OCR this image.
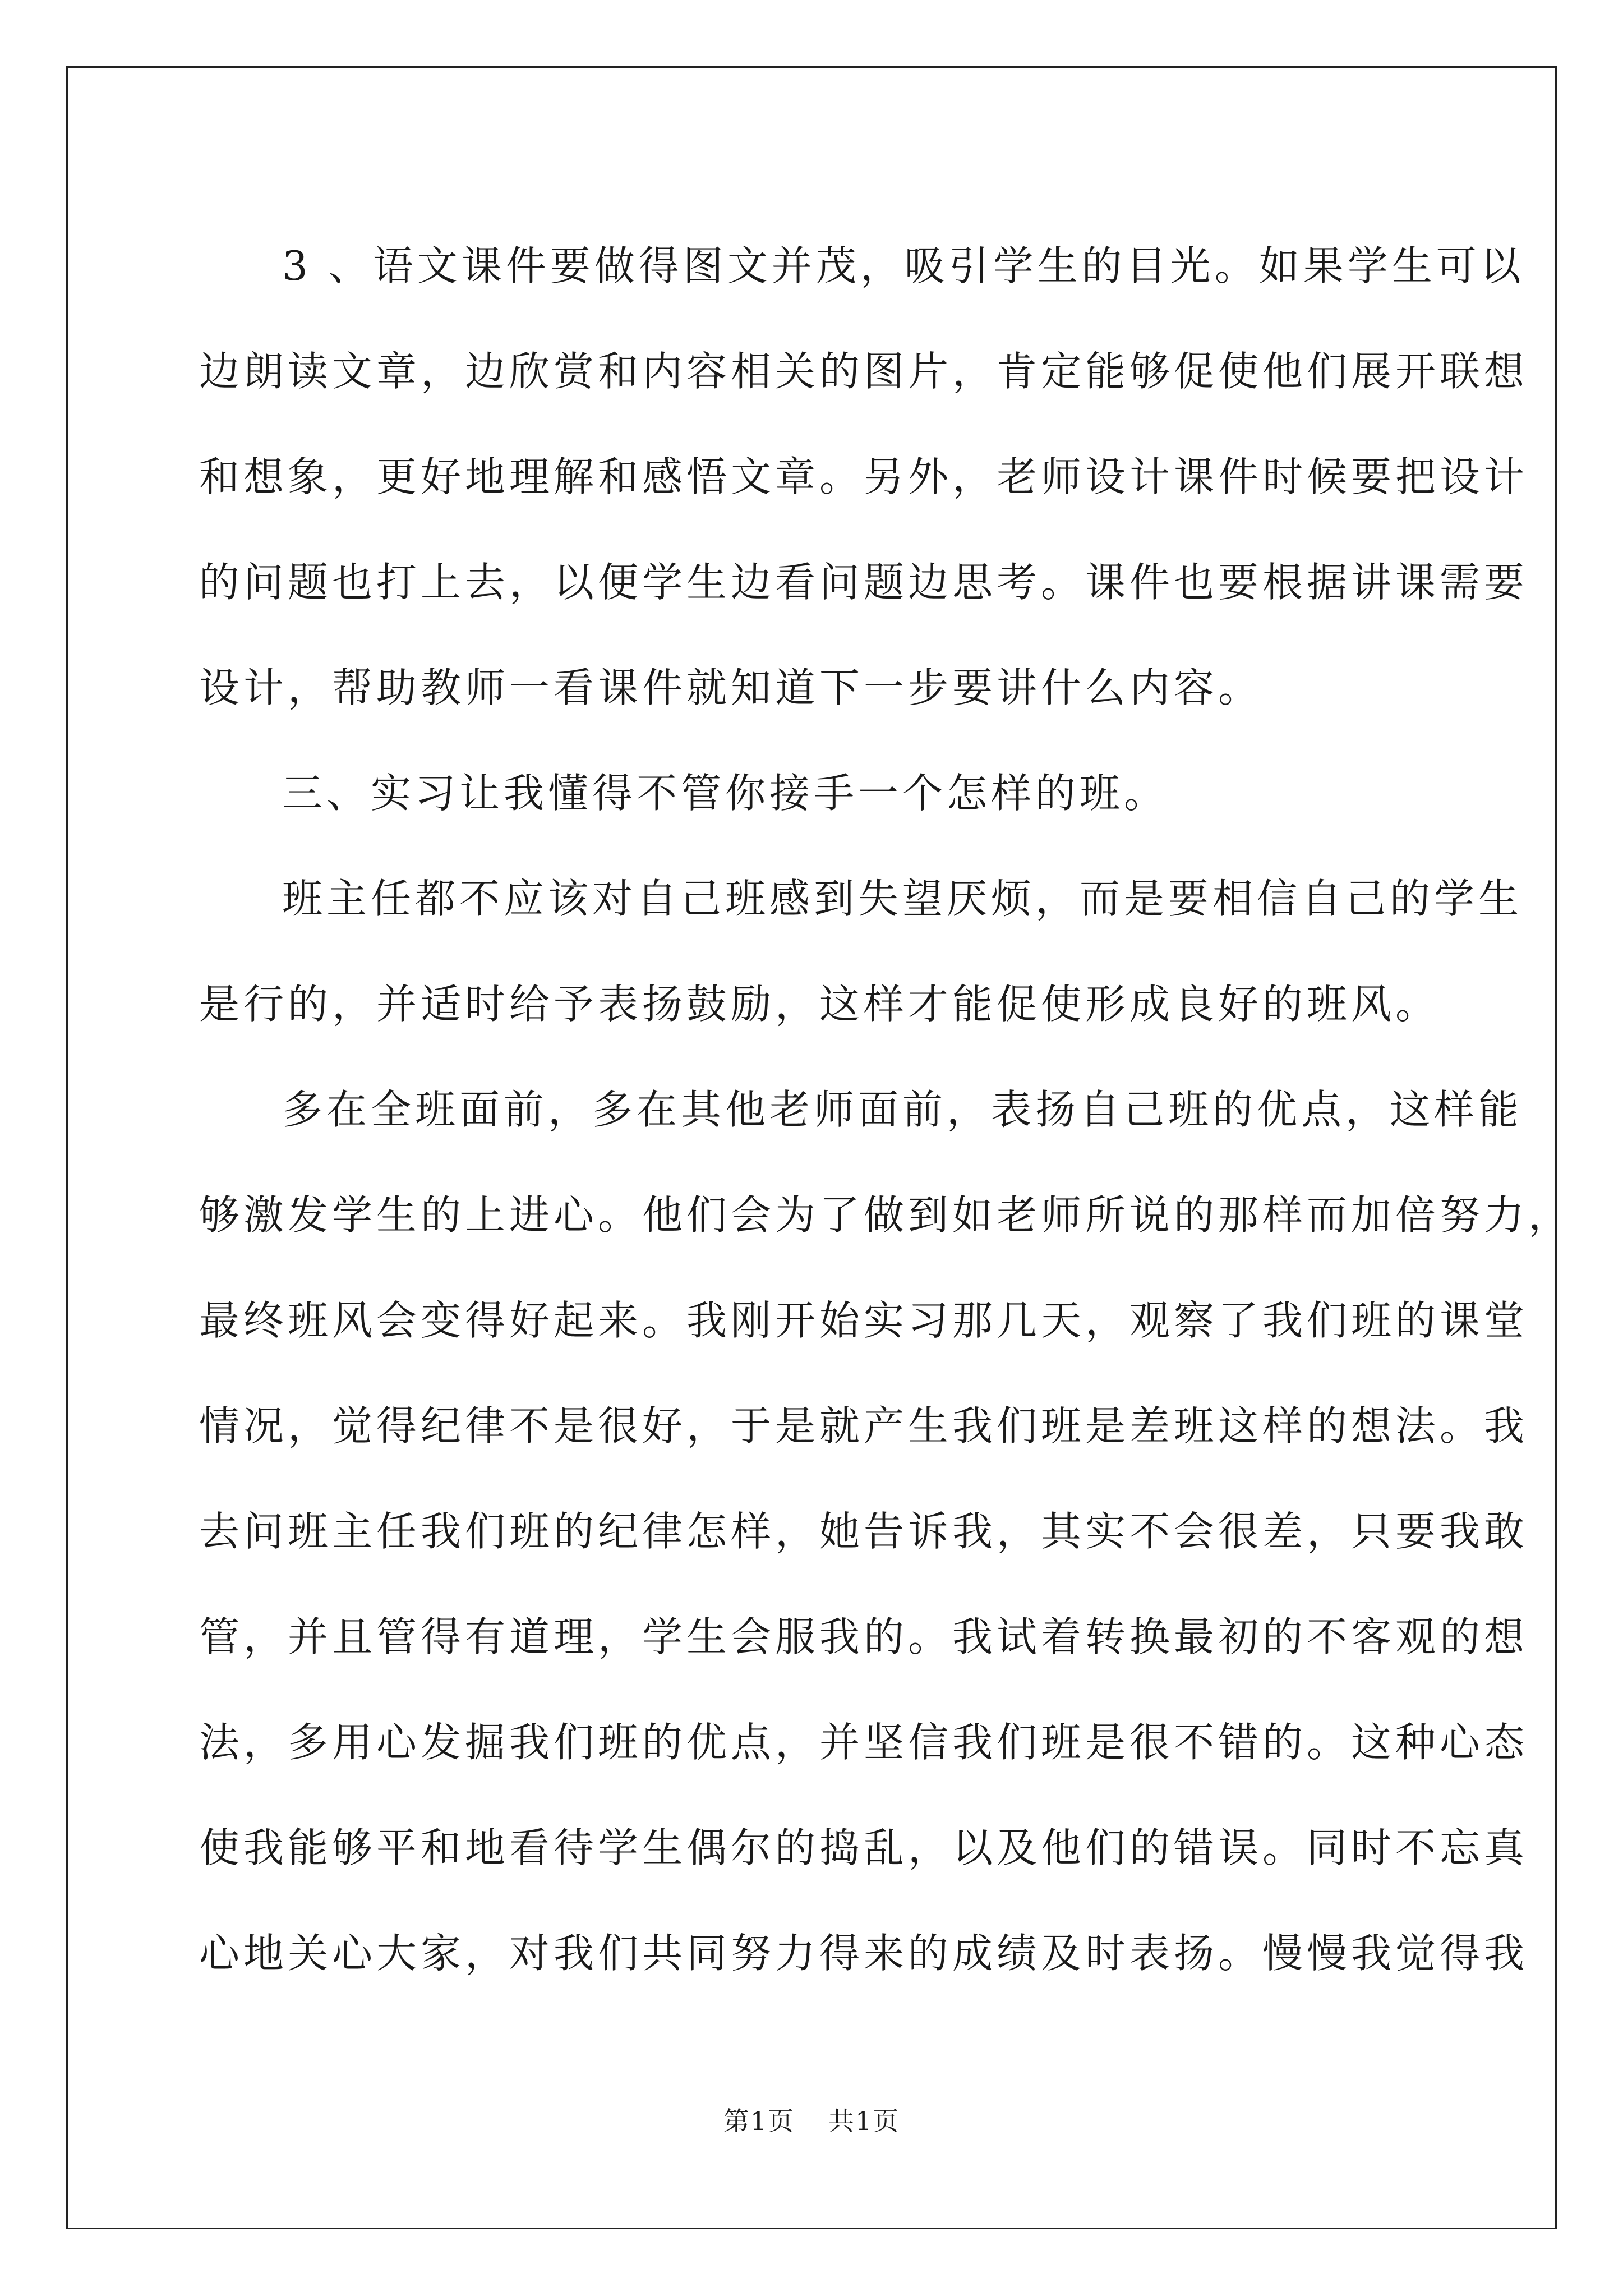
3 、语文课件要做得图文并茂，吸引学生的目光。如果学生可以
边朗读文章，边欣赏和内容相关的图片，肯定能够促使他们展开联想
和想象，更好地理解和感悟文章。另外，老师设计课件时候要把设计
的问题也打上去，以便学生边看问题边思考。课件也要根据讲课需要
设计，帮助教师一看课件就知道下一步要讲什么内容。
三、实习让我懂得不管你接手一个怎样的班。
班主任都不应该对自己班感到失望厌烦，而是要相信自己的学生
是行的，并适时给予表扬鼓励，这样才能促使形成良好的班风。
多在全班面前，多在其他老师面前，表扬自己班的优点，这样能
够激发学生的上进心。他们会为了做到如老师所说的那样而加倍努力，
最终班风会变得好起来。我刚开始实习那几天，观察了我们班的课堂
情况，觉得纪律不是很好，于是就产生我们班是差班这样的想法。我
去问班主任我们班的纪律怎样，她告诉我，其实不会很差，只要我敢
管，并且管得有道理，学生会服我的。我试着转换最初的不客观的想
法，多用心发掘我们班的优点，并坚信我们班是很不错的。这种心态
使我能够平和地看待学生偶尔的捣乱，以及他们的错误。同时不忘真
心地关心大家，对我们共同努力得来的成绩及时表扬。慢慢我觉得我
第1页 共1页
